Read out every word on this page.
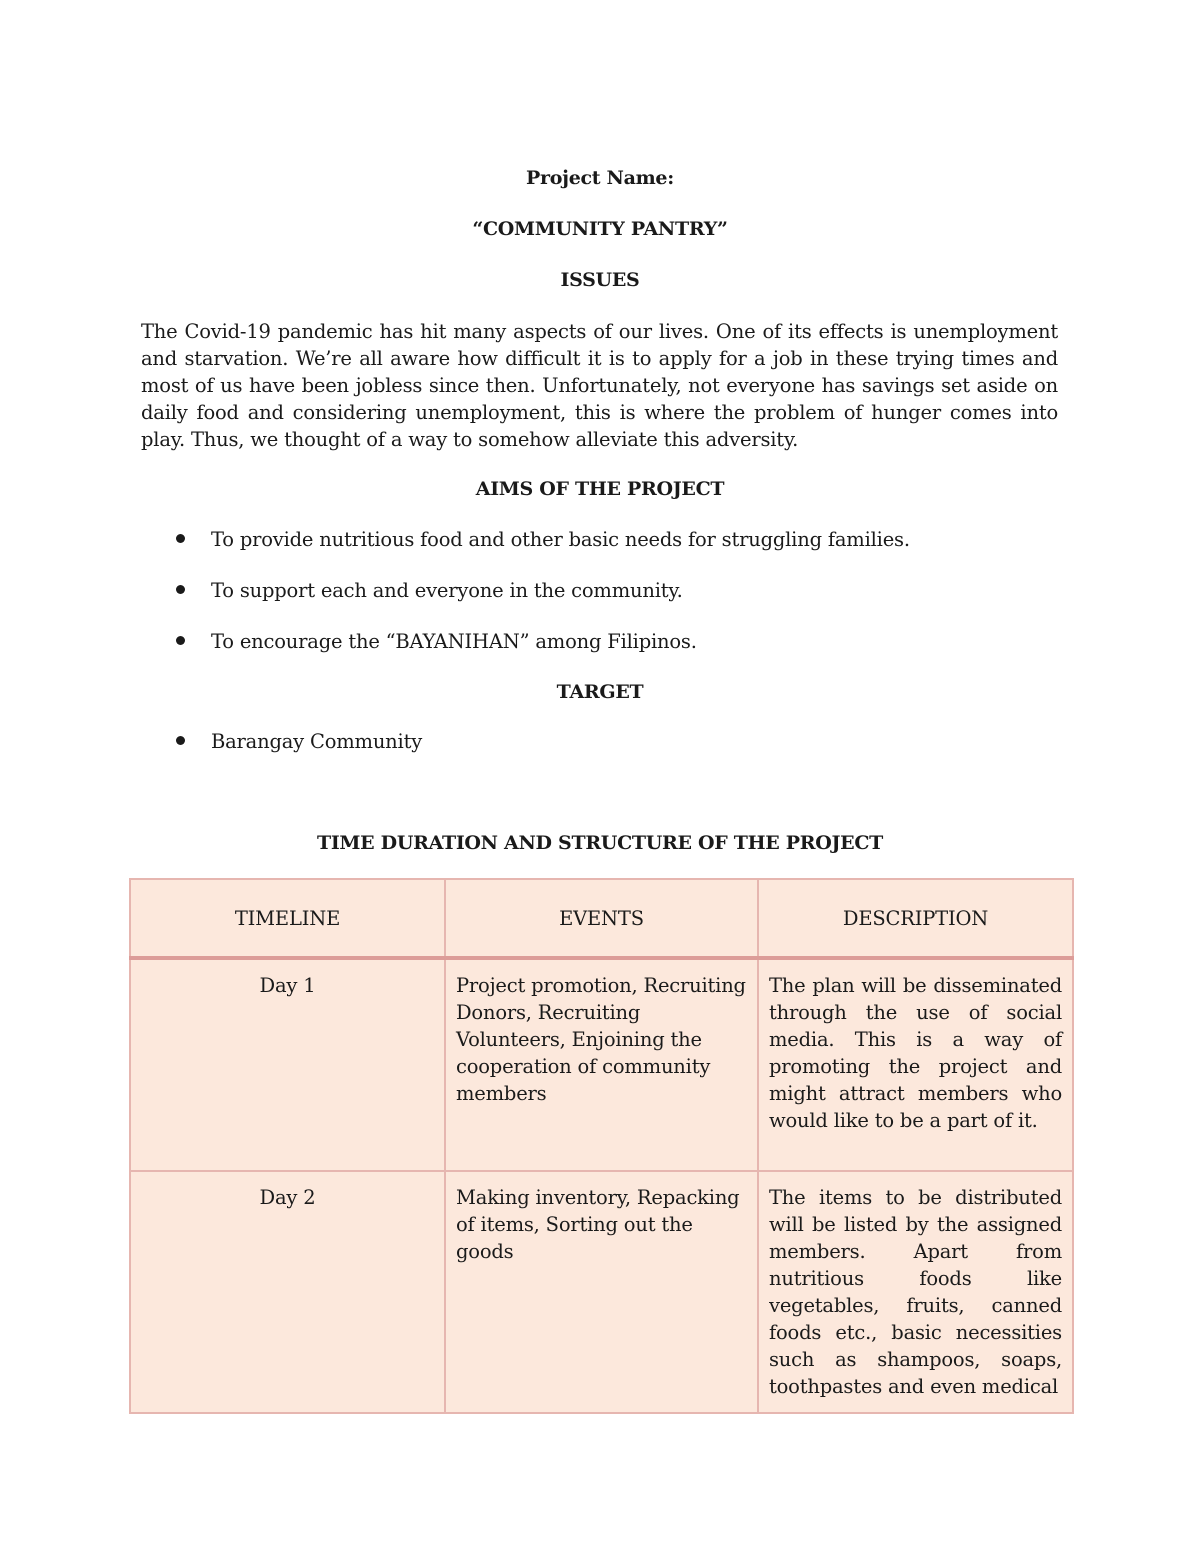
Project Name:
“COMMUNITY PANTRY”
ISSUES
The Covid-19 pandemic has hit many aspects of our lives. One of its effects is unemployment and starvation. We’re all aware how difficult it is to apply for a job in these trying times and most of us have been jobless since then. Unfortunately, not everyone has savings set aside on daily food and considering unemployment, this is where the problem of hunger comes into play. Thus, we thought of a way to somehow alleviate this adversity.
AIMS OF THE PROJECT
To provide nutritious food and other basic needs for struggling families.
To support each and everyone in the community.
To encourage the “BAYANIHAN” among Filipinos.
TARGET
Barangay Community
TIME DURATION AND STRUCTURE OF THE PROJECT
TIMELINE	EVENTS	DESCRIPTION
Day 1	Project promotion, Recruiting Donors, Recruiting Volunteers, Enjoining the cooperation of community members	The plan will be disseminated through the use of social media. This is a way of promoting the project and might attract members who would like to be a part of it.
Day 2	Making inventory, Repacking of items, Sorting out the goods	The items to be distributed will be listed by the assigned members. Apart from nutritious foods like vegetables, fruits, canned foods etc., basic necessities such as shampoos, soaps, toothpastes and even medical
